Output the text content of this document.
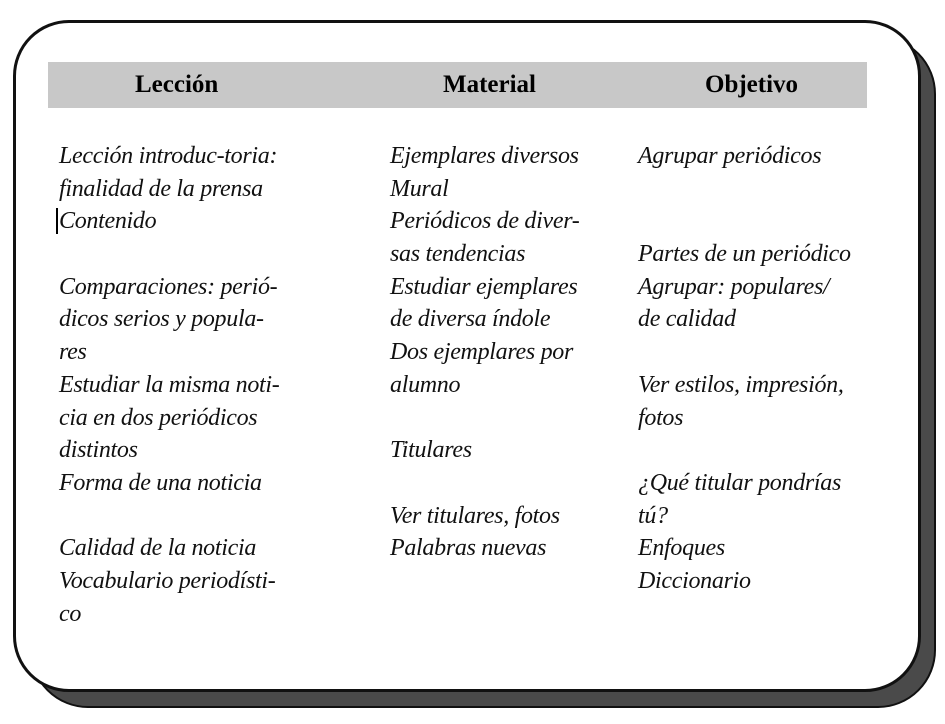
Lección	Material	Objetivo
Lección introduc-toria:
finalidad de la prensa
Contenido
Comparaciones: perió-
dicos serios y popula-
res
Estudiar la misma noti-
cia en dos periódicos
distintos
Forma de una noticia
Calidad de la noticia
Vocabulario periodísti-
co
Ejemplares diversos
Mural
Periódicos de diver-
sas tendencias
Estudiar ejemplares
de diversa índole
Dos ejemplares por
alumno
Titulares
Ver titulares, fotos
Palabras nuevas
Agrupar periódicos
Partes de un periódico
Agrupar: populares/
de calidad
Ver estilos, impresión,
fotos
¿Qué titular pondrías
tú?
Enfoques
Diccionario
